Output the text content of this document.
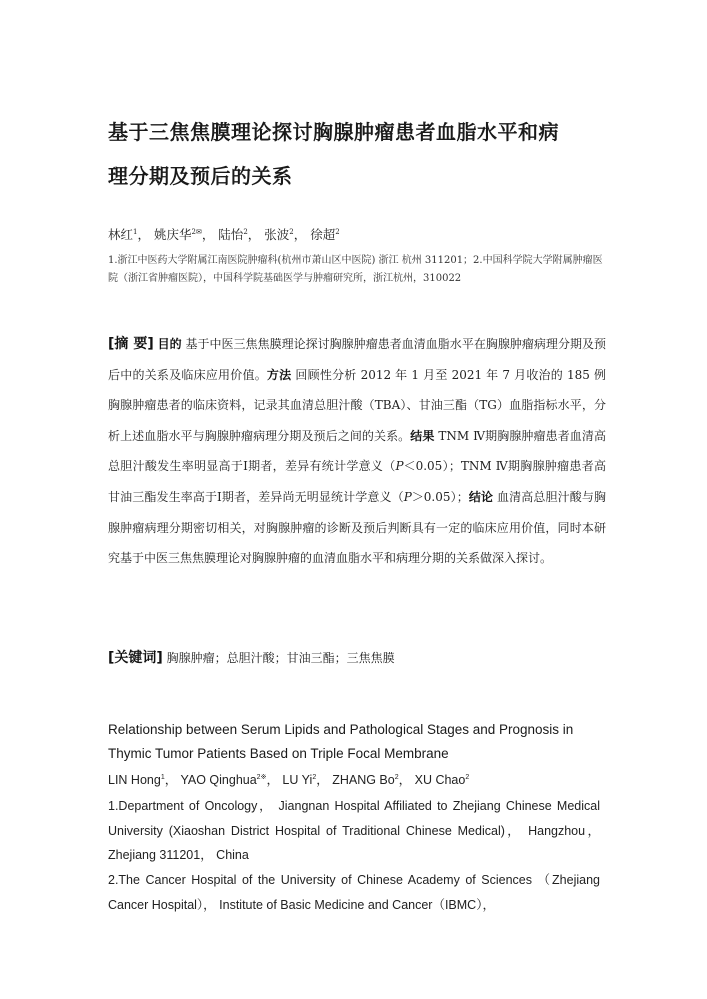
基于三焦焦膜理论探讨胸腺肿瘤患者血脂水平和病
理分期及预后的关系

林红$^1$， 姚庆华$^{2✉}$， 陆怡$^2$， 张波$^2$， 徐超$^2$

1.浙江中医药大学附属江南医院肿瘤科(杭州市萧山区中医院) 浙江 杭州 311201；2.中国科学院大学附属肿瘤医院（浙江省肿瘤医院），中国科学院基础医学与肿瘤研究所，浙江杭州，310022

[摘 要] 目的 基于中医三焦焦膜理论探讨胸腺肿瘤患者血清血脂水平在胸腺肿瘤病理分期及预后中的关系及临床应用价值。方法 回顾性分析 2012 年 1 月至 2021 年 7 月收治的 185 例胸腺肿瘤患者的临床资料，记录其血清总胆汁酸（TBA）、甘油三酯（TG）血脂指标水平，分析上述血脂水平与胸腺肿瘤病理分期及预后之间的关系。结果 TNM Ⅳ期胸腺肿瘤患者血清高总胆汁酸发生率明显高于Ⅰ期者，差异有统计学意义（P＜0.05）；TNM Ⅳ期胸腺肿瘤患者高甘油三酯发生率高于Ⅰ期者，差异尚无明显统计学意义（P＞0.05）；结论 血清高总胆汁酸与胸腺肿瘤病理分期密切相关，对胸腺肿瘤的诊断及预后判断具有一定的临床应用价值，同时本研究基于中医三焦焦膜理论对胸腺肿瘤的血清血脂水平和病理分期的关系做深入探讨。

[关键词] 胸腺肿瘤；总胆汁酸；甘油三酯；三焦焦膜

Relationship between Serum Lipids and Pathological Stages and Prognosis in Thymic Tumor Patients Based on Triple Focal Membrane

LIN Hong$^1$， YAO Qinghua$^{2※}$， LU Yi$^2$， ZHANG Bo$^2$， XU Chao$^2$

1.Department of Oncology， Jiangnan Hospital Affiliated to Zhejiang Chinese Medical University (Xiaoshan District Hospital of Traditional Chinese Medical)， Hangzhou， Zhejiang 311201， China
2.The Cancer Hospital of the University of Chinese Academy of Sciences （Zhejiang Cancer Hospital）， Institute of Basic Medicine and Cancer（IBMC），
